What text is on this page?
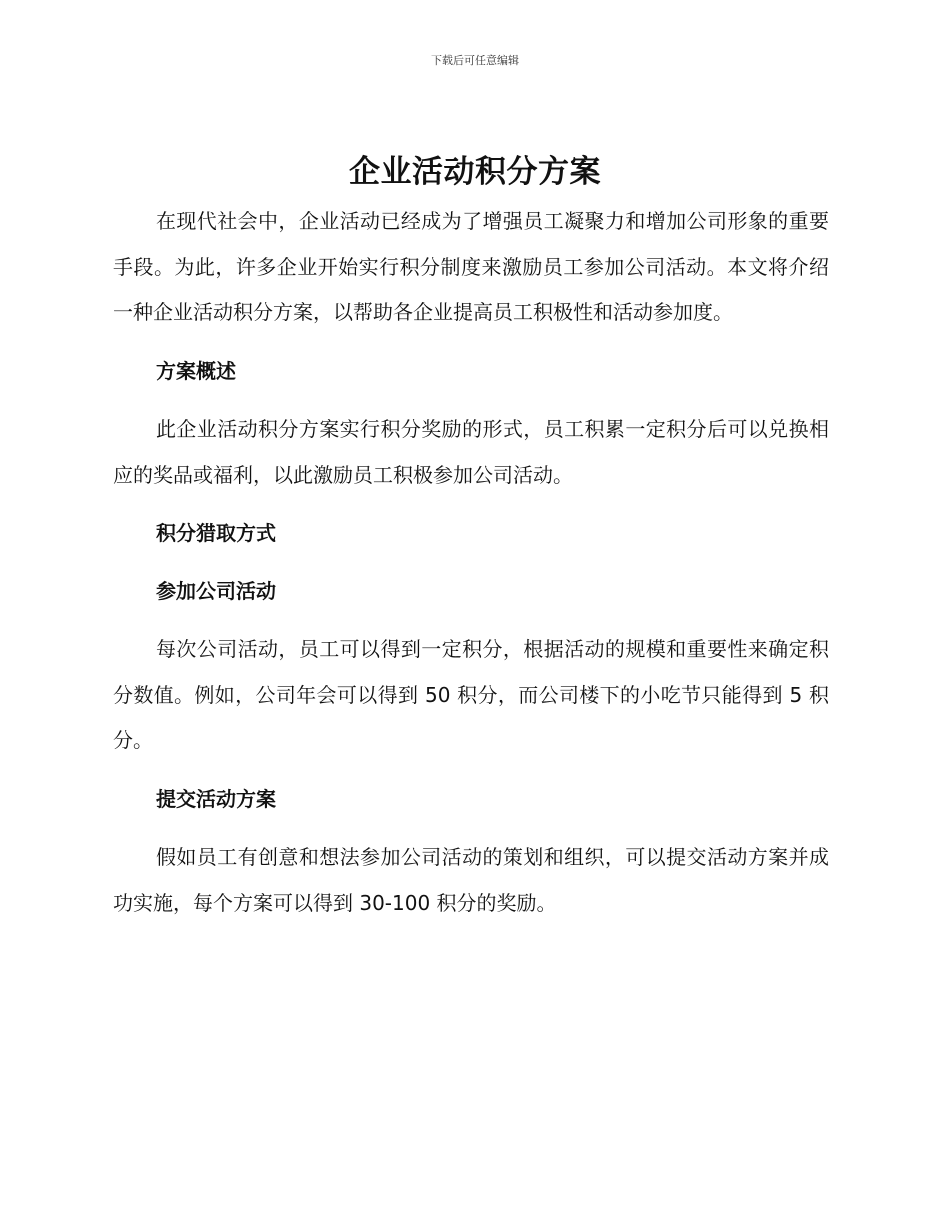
下载后可任意编辑
企业活动积分方案

在现代社会中，企业活动已经成为了增强员工凝聚力和增加公司形象的重要手段。为此，许多企业开始实行积分制度来激励员工参加公司活动。本文将介绍一种企业活动积分方案，以帮助各企业提高员工积极性和活动参加度。

方案概述

此企业活动积分方案实行积分奖励的形式，员工积累一定积分后可以兑换相应的奖品或福利，以此激励员工积极参加公司活动。

积分猎取方式

参加公司活动

每次公司活动，员工可以得到一定积分，根据活动的规模和重要性来确定积分数值。例如，公司年会可以得到 50 积分，而公司楼下的小吃节只能得到 5 积分。

提交活动方案

假如员工有创意和想法参加公司活动的策划和组织，可以提交活动方案并成功实施，每个方案可以得到 30-100 积分的奖励。
